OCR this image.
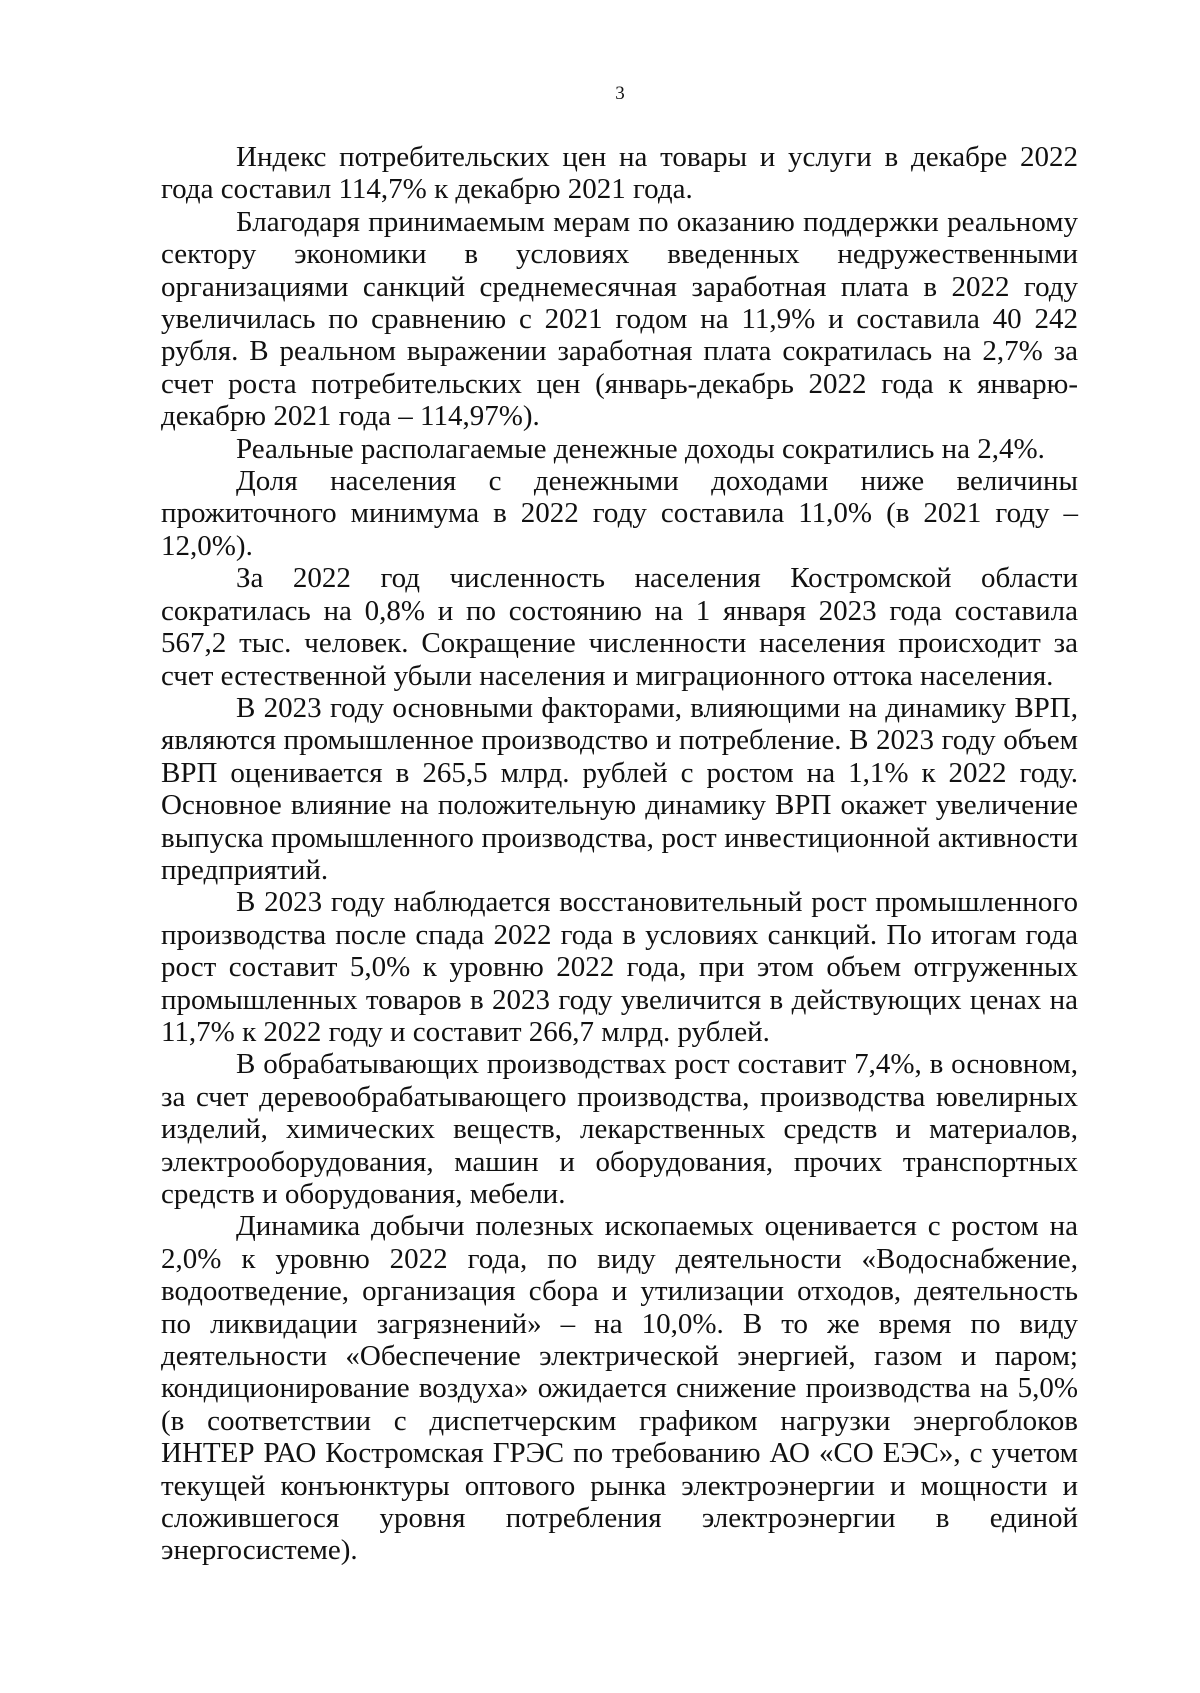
3

Индекс потребительских цен на товары и услуги в декабре 2022 года составил 114,7% к декабрю 2021 года.

Благодаря принимаемым мерам по оказанию поддержки реальному сектору экономики в условиях введенных недружественными организациями санкций среднемесячная заработная плата в 2022 году увеличилась по сравнению с 2021 годом на 11,9% и составила 40 242 рубля. В реальном выражении заработная плата сократилась на 2,7% за счет роста потребительских цен (январь-декабрь 2022 года к январю-декабрю 2021 года – 114,97%).

Реальные располагаемые денежные доходы сократились на 2,4%.

Доля населения с денежными доходами ниже величины прожиточного минимума в 2022 году составила 11,0% (в 2021 году – 12,0%).

За 2022 год численность населения Костромской области сократилась на 0,8% и по состоянию на 1 января 2023 года составила 567,2 тыс. человек. Сокращение численности населения происходит за счет естественной убыли населения и миграционного оттока населения.

В 2023 году основными факторами, влияющими на динамику ВРП, являются промышленное производство и потребление. В 2023 году объем ВРП оценивается в 265,5 млрд. рублей с ростом на 1,1% к 2022 году. Основное влияние на положительную динамику ВРП окажет увеличение выпуска промышленного производства, рост инвестиционной активности предприятий.

В 2023 году наблюдается восстановительный рост промышленного производства после спада 2022 года в условиях санкций. По итогам года рост составит 5,0% к уровню 2022 года, при этом объем отгруженных промышленных товаров в 2023 году увеличится в действующих ценах на 11,7% к 2022 году и составит 266,7 млрд. рублей.

В обрабатывающих производствах рост составит 7,4%, в основном, за счет деревообрабатывающего производства, производства ювелирных изделий, химических веществ, лекарственных средств и материалов, электрооборудования, машин и оборудования, прочих транспортных средств и оборудования, мебели.

Динамика добычи полезных ископаемых оценивается с ростом на 2,0% к уровню 2022 года, по виду деятельности «Водоснабжение, водоотведение, организация сбора и утилизации отходов, деятельность по ликвидации загрязнений» – на 10,0%. В то же время по виду деятельности «Обеспечение электрической энергией, газом и паром; кондиционирование воздуха» ожидается снижение производства на 5,0% (в соответствии с диспетчерским графиком нагрузки энергоблоков ИНТЕР РАО Костромская ГРЭС по требованию АО «СО ЕЭС», с учетом текущей конъюнктуры оптового рынка электроэнергии и мощности и сложившегося уровня потребления электроэнергии в единой энергосистеме).
